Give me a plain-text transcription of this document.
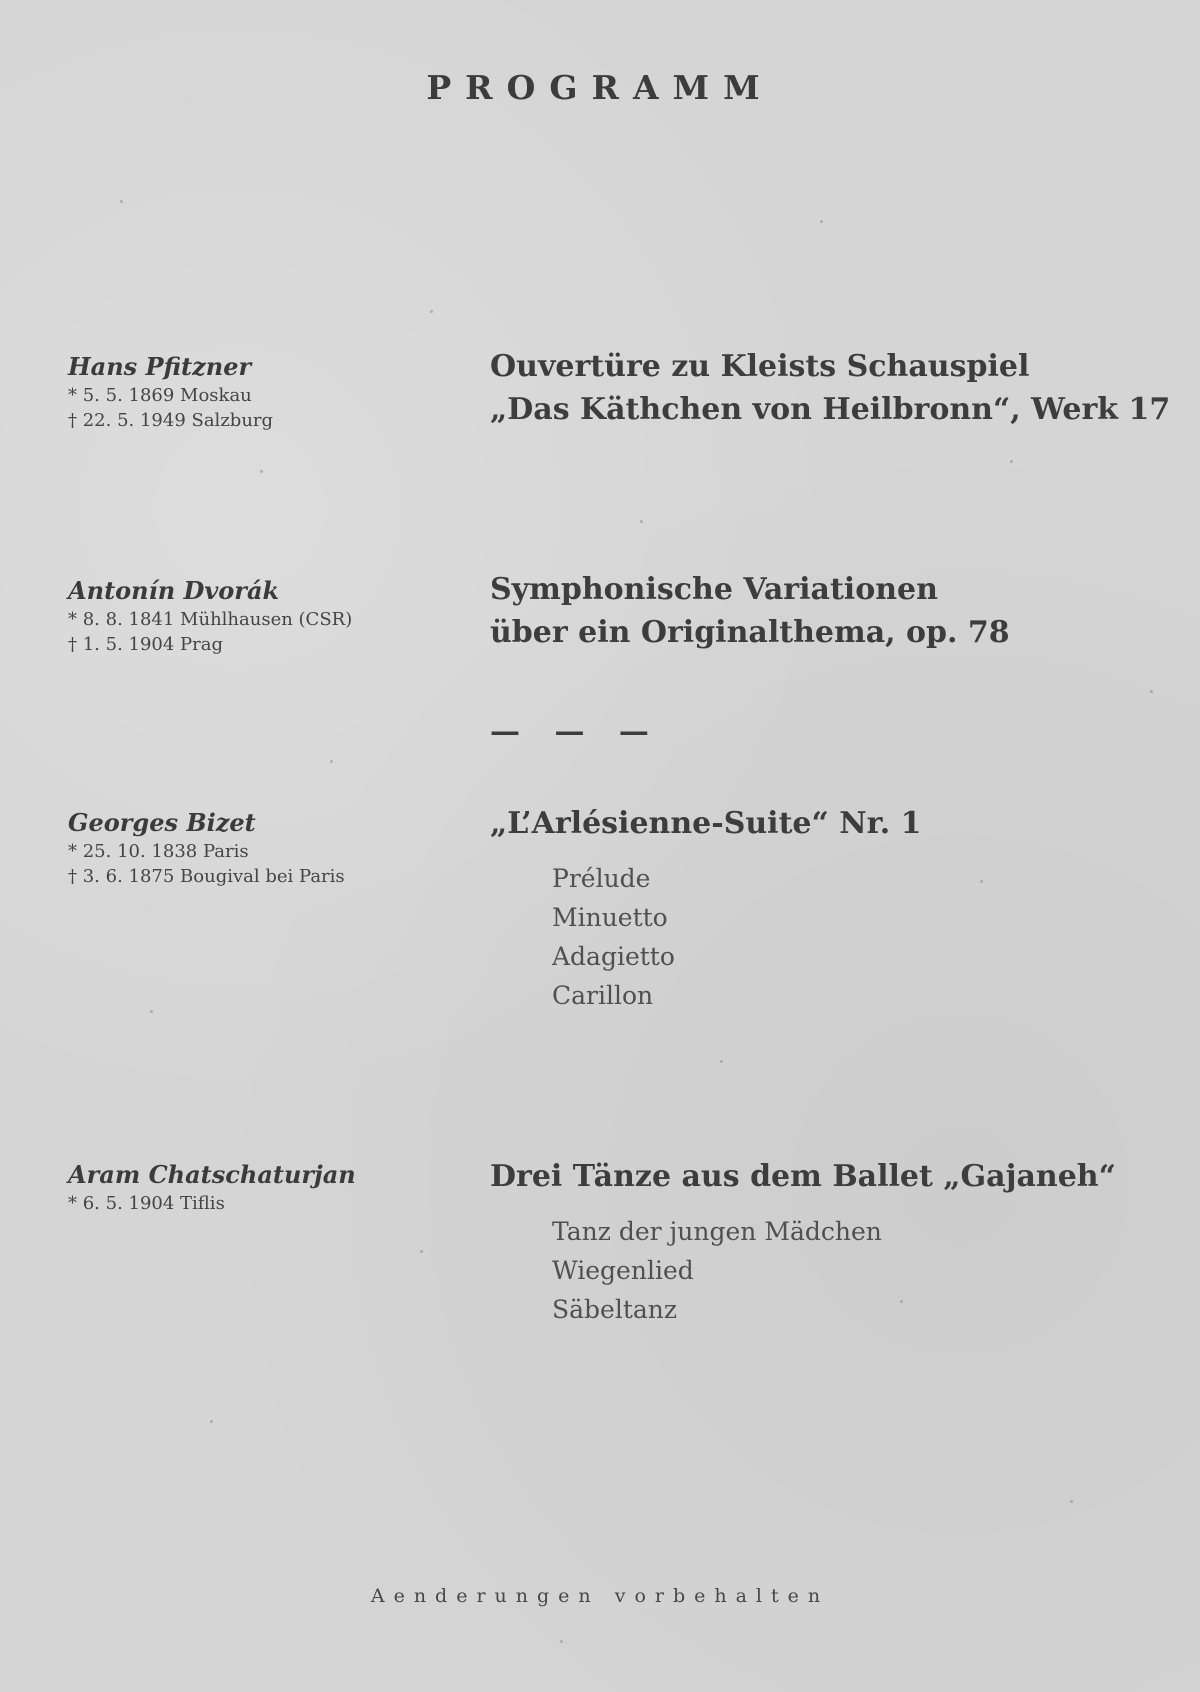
PROGRAMM
Hans Pfitzner
* 5. 5. 1869 Moskau
† 22. 5. 1949 Salzburg
Ouvertüre zu Kleists Schauspiel
„Das Käthchen von Heilbronn“, Werk 17
Antonín Dvorák
* 8. 8. 1841 Mühlhausen (CSR)
† 1. 5. 1904 Prag
Symphonische Variationen
über ein Originalthema, op. 78
— — —
Georges Bizet
* 25. 10. 1838 Paris
† 3. 6. 1875 Bougival bei Paris
„L’Arlésienne-Suite“ Nr. 1
Prélude
Minuetto
Adagietto
Carillon
Aram Chatschaturjan
* 6. 5. 1904 Tiflis
Drei Tänze aus dem Ballet „Gajaneh“
Tanz der jungen Mädchen
Wiegenlied
Säbeltanz
Aenderungen vorbehalten
